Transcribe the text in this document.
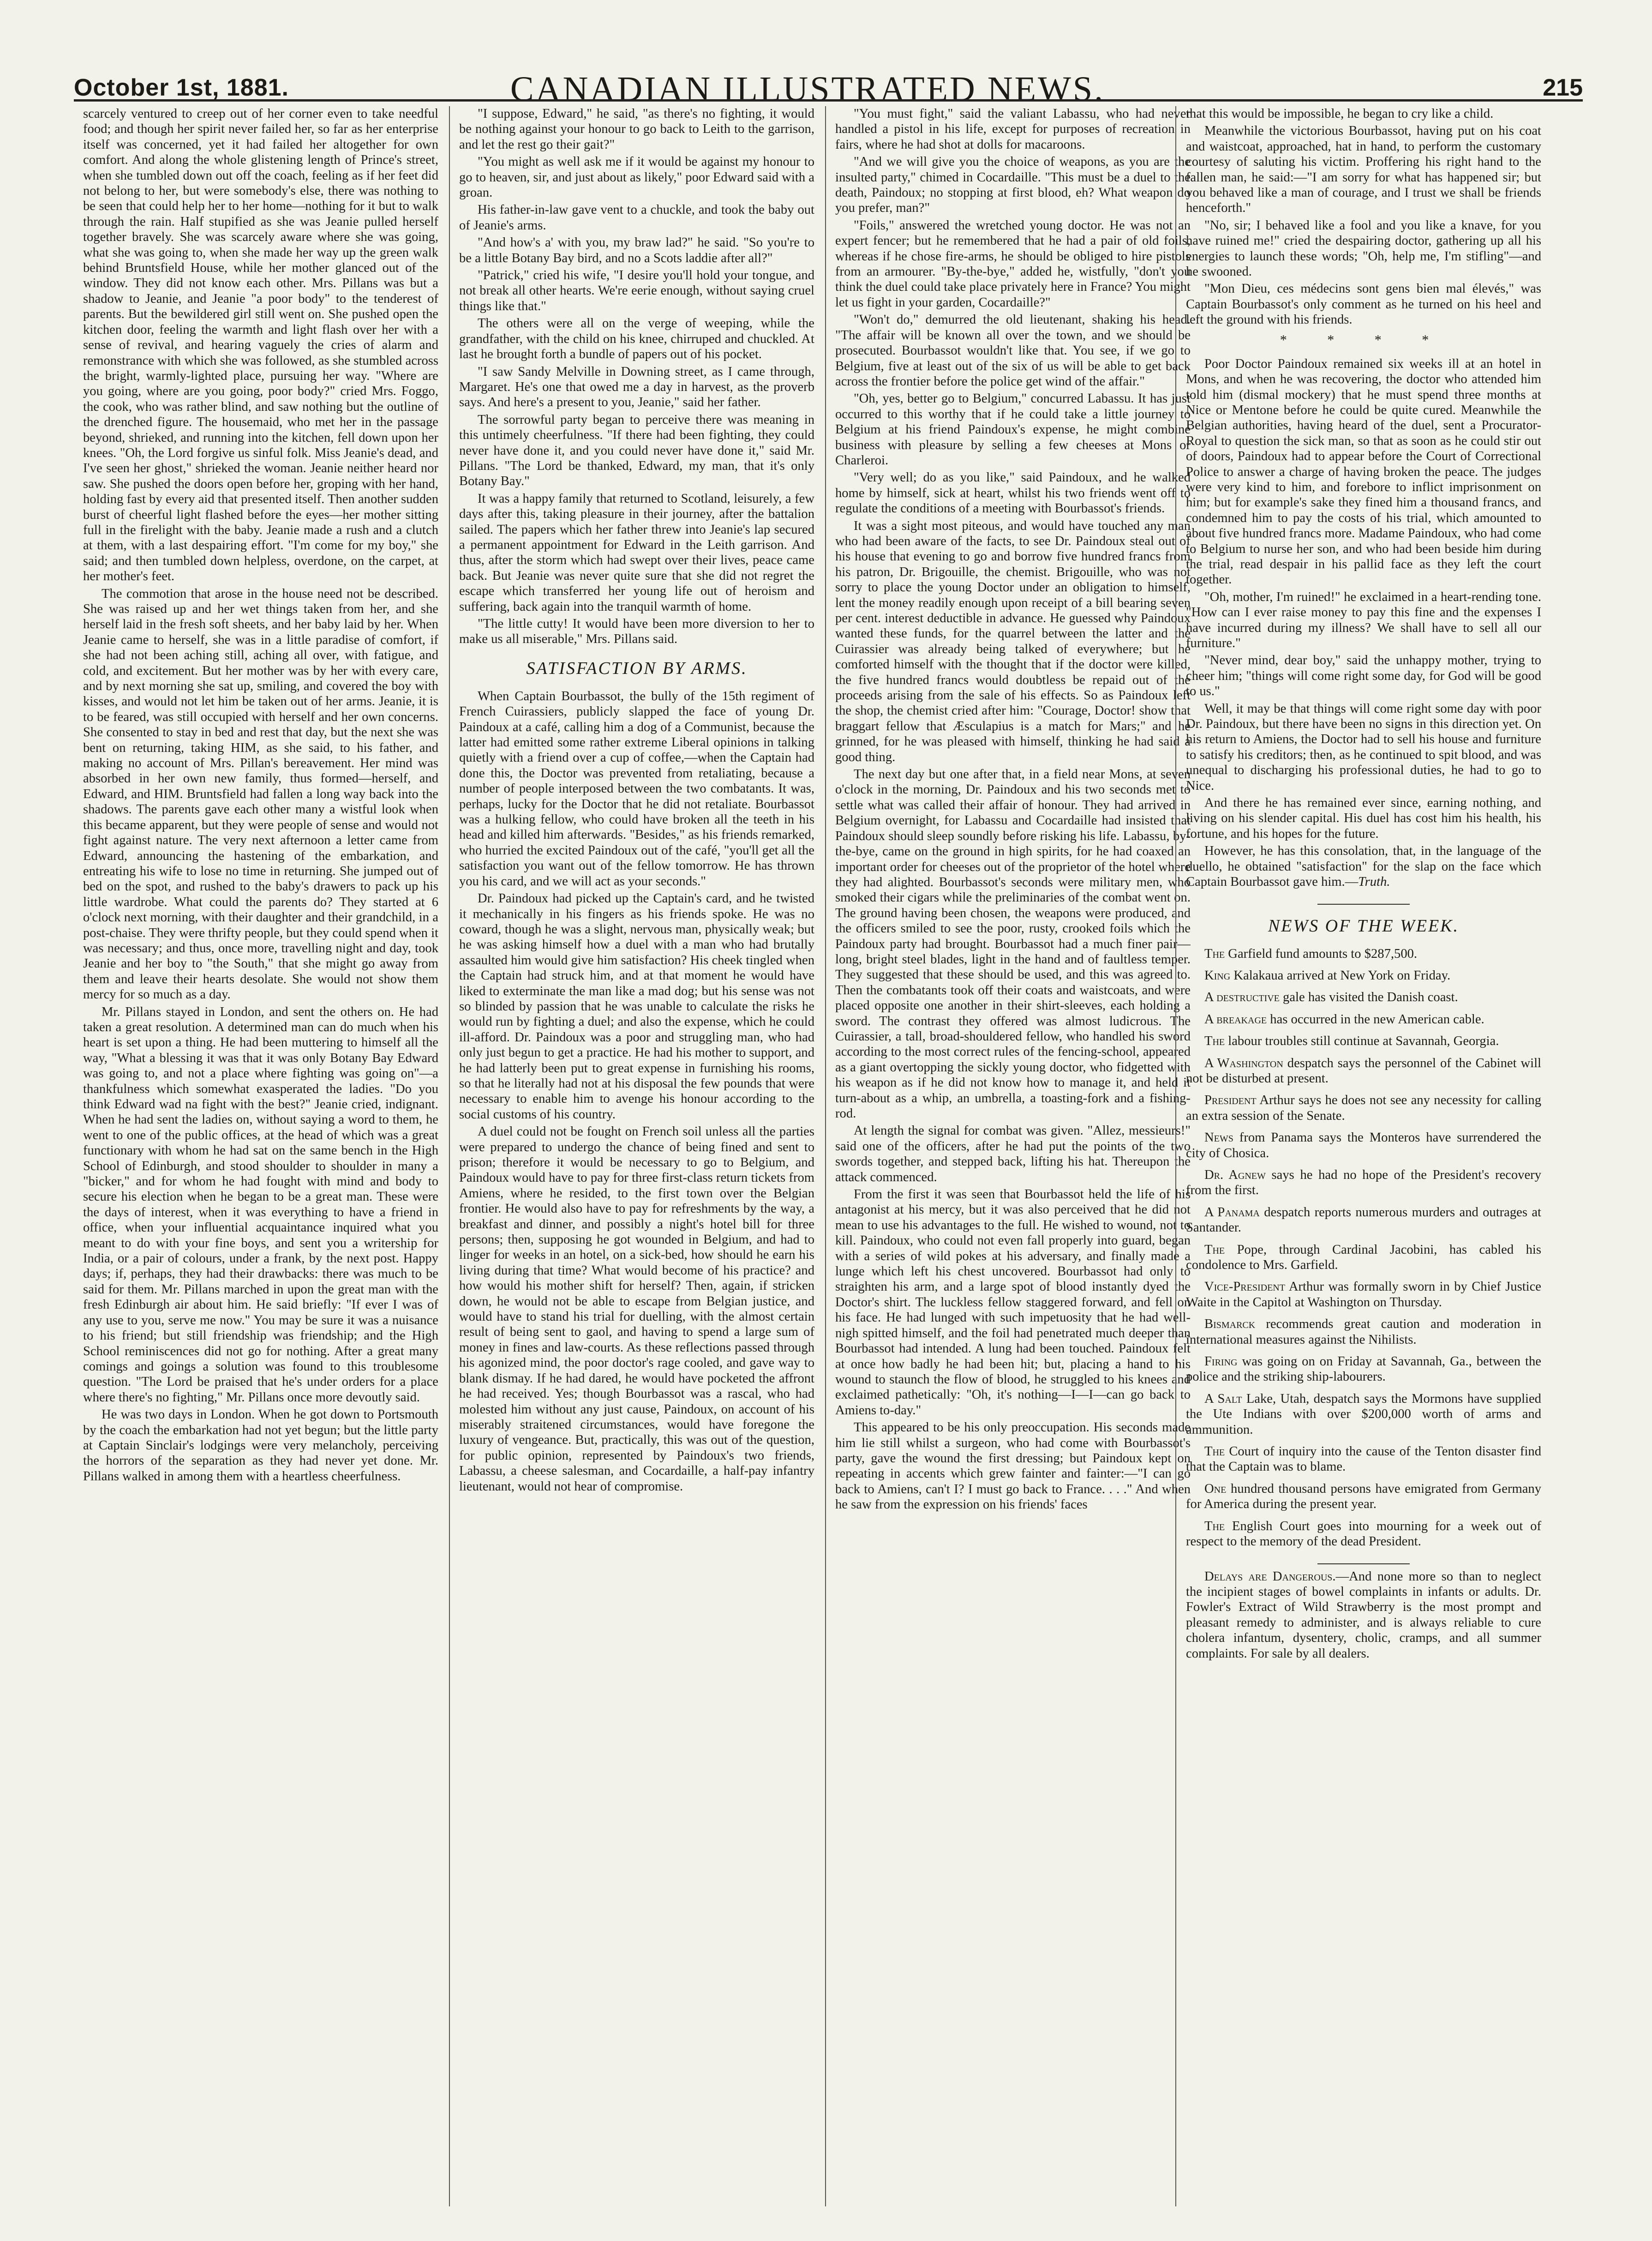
October 1st, 1881.	CANADIAN ILLUSTRATED NEWS.	215

scarcely ventured to creep out of her corner even to take needful food; and though her spirit never failed her, so far as her enterprise itself was concerned, yet it had failed her altogether for own comfort. And along the whole glistening length of Prince's street, when she tumbled down out off the coach, feeling as if her feet did not belong to her, but were somebody's else, there was nothing to be seen that could help her to her home—nothing for it but to walk through the rain. Half stupified as she was Jeanie pulled herself together bravely. She was scarcely aware where she was going, what she was going to, when she made her way up the green walk behind Bruntsfield House, while her mother glanced out of the window. They did not know each other. Mrs. Pillans was but a shadow to Jeanie, and Jeanie "a poor body" to the tenderest of parents. But the bewildered girl still went on. She pushed open the kitchen door, feeling the warmth and light flash over her with a sense of revival, and hearing vaguely the cries of alarm and remonstrance with which she was followed, as she stumbled across the bright, warmly-lighted place, pursuing her way. "Where are you going, where are you going, poor body?" cried Mrs. Foggo, the cook, who was rather blind, and saw nothing but the outline of the drenched figure. The housemaid, who met her in the passage beyond, shrieked, and running into the kitchen, fell down upon her knees. "Oh, the Lord forgive us sinful folk. Miss Jeanie's dead, and I've seen her ghost," shrieked the woman. Jeanie neither heard nor saw. She pushed the doors open before her, groping with her hand, holding fast by every aid that presented itself. Then another sudden burst of cheerful light flashed before the eyes—her mother sitting full in the firelight with the baby. Jeanie made a rush and a clutch at them, with a last despairing effort. "I'm come for my boy," she said; and then tumbled down helpless, overdone, on the carpet, at her mother's feet.

The commotion that arose in the house need not be described. She was raised up and her wet things taken from her, and she herself laid in the fresh soft sheets, and her baby laid by her. When Jeanie came to herself, she was in a little paradise of comfort, if she had not been aching still, aching all over, with fatigue, and cold, and excitement. But her mother was by her with every care, and by next morning she sat up, smiling, and covered the boy with kisses, and would not let him be taken out of her arms. Jeanie, it is to be feared, was still occupied with herself and her own concerns. She consented to stay in bed and rest that day, but the next she was bent on returning, taking HIM, as she said, to his father, and making no account of Mrs. Pillan's bereavement. Her mind was absorbed in her own new family, thus formed—herself, and Edward, and HIM. Bruntsfield had fallen a long way back into the shadows. The parents gave each other many a wistful look when this became apparent, but they were people of sense and would not fight against nature. The very next afternoon a letter came from Edward, announcing the hastening of the embarkation, and entreating his wife to lose no time in returning. She jumped out of bed on the spot, and rushed to the baby's drawers to pack up his little wardrobe. What could the parents do? They started at 6 o'clock next morning, with their daughter and their grandchild, in a post-chaise. They were thrifty people, but they could spend when it was necessary; and thus, once more, travelling night and day, took Jeanie and her boy to "the South," that she might go away from them and leave their hearts desolate. She would not show them mercy for so much as a day.

Mr. Pillans stayed in London, and sent the others on. He had taken a great resolution. A determined man can do much when his heart is set upon a thing. He had been muttering to himself all the way, "What a blessing it was that it was only Botany Bay Edward was going to, and not a place where fighting was going on"—a thankfulness which somewhat exasperated the ladies. "Do you think Edward wad na fight with the best?" Jeanie cried, indignant. When he had sent the ladies on, without saying a word to them, he went to one of the public offices, at the head of which was a great functionary with whom he had sat on the same bench in the High School of Edinburgh, and stood shoulder to shoulder in many a "bicker," and for whom he had fought with mind and body to secure his election when he began to be a great man. These were the days of interest, when it was everything to have a friend in office, when your influential acquaintance inquired what you meant to do with your fine boys, and sent you a writership for India, or a pair of colours, under a frank, by the next post. Happy days; if, perhaps, they had their drawbacks: there was much to be said for them. Mr. Pillans marched in upon the great man with the fresh Edinburgh air about him. He said briefly: "If ever I was of any use to you, serve me now." You may be sure it was a nuisance to his friend; but still friendship was friendship; and the High School reminiscences did not go for nothing. After a great many comings and goings a solution was found to this troublesome question. "The Lord be praised that he's under orders for a place where there's no fighting," Mr. Pillans once more devoutly said.

He was two days in London. When he got down to Portsmouth by the coach the embarkation had not yet begun; but the little party at Captain Sinclair's lodgings were very melancholy, perceiving the horrors of the separation as they had never yet done. Mr. Pillans walked in among them with a heartless cheerfulness.

"I suppose, Edward," he said, "as there's no fighting, it would be nothing against your honour to go back to Leith to the garrison, and let the rest go their gait?"

"You might as well ask me if it would be against my honour to go to heaven, sir, and just about as likely," poor Edward said with a groan.

His father-in-law gave vent to a chuckle, and took the baby out of Jeanie's arms.

"And how's a' with you, my braw lad?" he said. "So you're to be a little Botany Bay bird, and no a Scots laddie after all?"

"Patrick," cried his wife, "I desire you'll hold your tongue, and not break all other hearts. We're eerie enough, without saying cruel things like that."

The others were all on the verge of weeping, while the grandfather, with the child on his knee, chirruped and chuckled. At last he brought forth a bundle of papers out of his pocket.

"I saw Sandy Melville in Downing street, as I came through, Margaret. He's one that owed me a day in harvest, as the proverb says. And here's a present to you, Jeanie," said her father.

The sorrowful party began to perceive there was meaning in this untimely cheerfulness. "If there had been fighting, they could never have done it, and you could never have done it," said Mr. Pillans. "The Lord be thanked, Edward, my man, that it's only Botany Bay."

It was a happy family that returned to Scotland, leisurely, a few days after this, taking pleasure in their journey, after the battalion sailed. The papers which her father threw into Jeanie's lap secured a permanent appointment for Edward in the Leith garrison. And thus, after the storm which had swept over their lives, peace came back. But Jeanie was never quite sure that she did not regret the escape which transferred her young life out of heroism and suffering, back again into the tranquil warmth of home.

"The little cutty! It would have been more diversion to her to make us all miserable," Mrs. Pillans said.

SATISFACTION BY ARMS.

When Captain Bourbassot, the bully of the 15th regiment of French Cuirassiers, publicly slapped the face of young Dr. Paindoux at a café, calling him a dog of a Communist, because the latter had emitted some rather extreme Liberal opinions in talking quietly with a friend over a cup of coffee,—when the Captain had done this, the Doctor was prevented from retaliating, because a number of people interposed between the two combatants. It was, perhaps, lucky for the Doctor that he did not retaliate. Bourbassot was a hulking fellow, who could have broken all the teeth in his head and killed him afterwards. "Besides," as his friends remarked, who hurried the excited Paindoux out of the café, "you'll get all the satisfaction you want out of the fellow tomorrow. He has thrown you his card, and we will act as your seconds."

Dr. Paindoux had picked up the Captain's card, and he twisted it mechanically in his fingers as his friends spoke. He was no coward, though he was a slight, nervous man, physically weak; but he was asking himself how a duel with a man who had brutally assaulted him would give him satisfaction? His cheek tingled when the Captain had struck him, and at that moment he would have liked to exterminate the man like a mad dog; but his sense was not so blinded by passion that he was unable to calculate the risks he would run by fighting a duel; and also the expense, which he could ill-afford. Dr. Paindoux was a poor and struggling man, who had only just begun to get a practice. He had his mother to support, and he had latterly been put to great expense in furnishing his rooms, so that he literally had not at his disposal the few pounds that were necessary to enable him to avenge his honour according to the social customs of his country.

A duel could not be fought on French soil unless all the parties were prepared to undergo the chance of being fined and sent to prison; therefore it would be necessary to go to Belgium, and Paindoux would have to pay for three first-class return tickets from Amiens, where he resided, to the first town over the Belgian frontier. He would also have to pay for refreshments by the way, a breakfast and dinner, and possibly a night's hotel bill for three persons; then, supposing he got wounded in Belgium, and had to linger for weeks in an hotel, on a sick-bed, how should he earn his living during that time? What would become of his practice? and how would his mother shift for herself? Then, again, if stricken down, he would not be able to escape from Belgian justice, and would have to stand his trial for duelling, with the almost certain result of being sent to gaol, and having to spend a large sum of money in fines and law-courts. As these reflections passed through his agonized mind, the poor doctor's rage cooled, and gave way to blank dismay. If he had dared, he would have pocketed the affront he had received. Yes; though Bourbassot was a rascal, who had molested him without any just cause, Paindoux, on account of his miserably straitened circumstances, would have foregone the luxury of vengeance. But, practically, this was out of the question, for public opinion, represented by Paindoux's two friends, Labassu, a cheese salesman, and Cocardaille, a half-pay infantry lieutenant, would not hear of compromise.

"You must fight," said the valiant Labassu, who had never handled a pistol in his life, except for purposes of recreation in fairs, where he had shot at dolls for macaroons.

"And we will give you the choice of weapons, as you are the insulted party," chimed in Cocardaille. "This must be a duel to the death, Paindoux; no stopping at first blood, eh? What weapon do you prefer, man?"

"Foils," answered the wretched young doctor. He was not an expert fencer; but he remembered that he had a pair of old foils, whereas if he chose fire-arms, he should be obliged to hire pistols from an armourer. "By-the-bye," added he, wistfully, "don't you think the duel could take place privately here in France? You might let us fight in your garden, Cocardaille?"

"Won't do," demurred the old lieutenant, shaking his head. "The affair will be known all over the town, and we should be prosecuted. Bourbassot wouldn't like that. You see, if we go to Belgium, five at least out of the six of us will be able to get back across the frontier before the police get wind of the affair."

"Oh, yes, better go to Belgium," concurred Labassu. It has just occurred to this worthy that if he could take a little journey to Belgium at his friend Paindoux's expense, he might combine business with pleasure by selling a few cheeses at Mons or Charleroi.

"Very well; do as you like," said Paindoux, and he walked home by himself, sick at heart, whilst his two friends went off to regulate the conditions of a meeting with Bourbassot's friends.

It was a sight most piteous, and would have touched any man who had been aware of the facts, to see Dr. Paindoux steal out of his house that evening to go and borrow five hundred francs from his patron, Dr. Brigouille, the chemist. Brigouille, who was not sorry to place the young Doctor under an obligation to himself, lent the money readily enough upon receipt of a bill bearing seven per cent. interest deductible in advance. He guessed why Paindoux wanted these funds, for the quarrel between the latter and the Cuirassier was already being talked of everywhere; but he comforted himself with the thought that if the doctor were killed, the five hundred francs would doubtless be repaid out of the proceeds arising from the sale of his effects. So as Paindoux left the shop, the chemist cried after him: "Courage, Doctor! show that braggart fellow that Æsculapius is a match for Mars;" and he grinned, for he was pleased with himself, thinking he had said a good thing.

The next day but one after that, in a field near Mons, at seven o'clock in the morning, Dr. Paindoux and his two seconds met to settle what was called their affair of honour. They had arrived in Belgium overnight, for Labassu and Cocardaille had insisted that Paindoux should sleep soundly before risking his life. Labassu, by-the-bye, came on the ground in high spirits, for he had coaxed an important order for cheeses out of the proprietor of the hotel where they had alighted. Bourbassot's seconds were military men, who smoked their cigars while the preliminaries of the combat went on. The ground having been chosen, the weapons were produced, and the officers smiled to see the poor, rusty, crooked foils which the Paindoux party had brought. Bourbassot had a much finer pair—long, bright steel blades, light in the hand and of faultless temper. They suggested that these should be used, and this was agreed to. Then the combatants took off their coats and waistcoats, and were placed opposite one another in their shirt-sleeves, each holding a sword. The contrast they offered was almost ludicrous. The Cuirassier, a tall, broad-shouldered fellow, who handled his sword according to the most correct rules of the fencing-school, appeared as a giant overtopping the sickly young doctor, who fidgetted with his weapon as if he did not know how to manage it, and held it turn-about as a whip, an umbrella, a toasting-fork and a fishing-rod.

At length the signal for combat was given. "Allez, messieurs!" said one of the officers, after he had put the points of the two swords together, and stepped back, lifting his hat. Thereupon the attack commenced.

From the first it was seen that Bourbassot held the life of his antagonist at his mercy, but it was also perceived that he did not mean to use his advantages to the full. He wished to wound, not to kill. Paindoux, who could not even fall properly into guard, began with a series of wild pokes at his adversary, and finally made a lunge which left his chest uncovered. Bourbassot had only to straighten his arm, and a large spot of blood instantly dyed the Doctor's shirt. The luckless fellow staggered forward, and fell on his face. He had lunged with such impetuosity that he had well-nigh spitted himself, and the foil had penetrated much deeper than Bourbassot had intended. A lung had been touched. Paindoux felt at once how badly he had been hit; but, placing a hand to his wound to staunch the flow of blood, he struggled to his knees and exclaimed pathetically: "Oh, it's nothing—I—I—can go back to Amiens to-day."

This appeared to be his only preoccupation. His seconds made him lie still whilst a surgeon, who had come with Bourbassot's party, gave the wound the first dressing; but Paindoux kept on repeating in accents which grew fainter and fainter:—"I can go back to Amiens, can't I? I must go back to France. . . ." And when he saw from the expression on his friends' faces

that this would be impossible, he began to cry like a child.

Meanwhile the victorious Bourbassot, having put on his coat and waistcoat, approached, hat in hand, to perform the customary courtesy of saluting his victim. Proffering his right hand to the fallen man, he said:—"I am sorry for what has happened sir; but you behaved like a man of courage, and I trust we shall be friends henceforth."

"No, sir; I behaved like a fool and you like a knave, for you have ruined me!" cried the despairing doctor, gathering up all his energies to launch these words; "Oh, help me, I'm stifling"—and he swooned.

"Mon Dieu, ces médecins sont gens bien mal élevés," was Captain Bourbassot's only comment as he turned on his heel and left the ground with his friends.

* * * *

Poor Doctor Paindoux remained six weeks ill at an hotel in Mons, and when he was recovering, the doctor who attended him told him (dismal mockery) that he must spend three months at Nice or Mentone before he could be quite cured. Meanwhile the Belgian authorities, having heard of the duel, sent a Procurator-Royal to question the sick man, so that as soon as he could stir out of doors, Paindoux had to appear before the Court of Correctional Police to answer a charge of having broken the peace. The judges were very kind to him, and forebore to inflict imprisonment on him; but for example's sake they fined him a thousand francs, and condemned him to pay the costs of his trial, which amounted to about five hundred francs more. Madame Paindoux, who had come to Belgium to nurse her son, and who had been beside him during the trial, read despair in his pallid face as they left the court together.

"Oh, mother, I'm ruined!" he exclaimed in a heart-rending tone. "How can I ever raise money to pay this fine and the expenses I have incurred during my illness? We shall have to sell all our furniture."

"Never mind, dear boy," said the unhappy mother, trying to cheer him; "things will come right some day, for God will be good to us."

Well, it may be that things will come right some day with poor Dr. Paindoux, but there have been no signs in this direction yet. On his return to Amiens, the Doctor had to sell his house and furniture to satisfy his creditors; then, as he continued to spit blood, and was unequal to discharging his professional duties, he had to go to Nice.

And there he has remained ever since, earning nothing, and living on his slender capital. His duel has cost him his health, his fortune, and his hopes for the future.

However, he has this consolation, that, in the language of the duello, he obtained "satisfaction" for the slap on the face which Captain Bourbassot gave him.—Truth.

NEWS OF THE WEEK.

The Garfield fund amounts to $287,500.

King Kalakaua arrived at New York on Friday.

A destructive gale has visited the Danish coast.

A breakage has occurred in the new American cable.

The labour troubles still continue at Savannah, Georgia.

A Washington despatch says the personnel of the Cabinet will not be disturbed at present.

President Arthur says he does not see any necessity for calling an extra session of the Senate.

News from Panama says the Monteros have surrendered the city of Chosica.

Dr. Agnew says he had no hope of the President's recovery from the first.

A Panama despatch reports numerous murders and outrages at Santander.

The Pope, through Cardinal Jacobini, has cabled his condolence to Mrs. Garfield.

Vice-President Arthur was formally sworn in by Chief Justice Waite in the Capitol at Washington on Thursday.

Bismarck recommends great caution and moderation in international measures against the Nihilists.

Firing was going on on Friday at Savannah, Ga., between the police and the striking ship-labourers.

A Salt Lake, Utah, despatch says the Mormons have supplied the Ute Indians with over $200,000 worth of arms and ammunition.

The Court of inquiry into the cause of the Tenton disaster find that the Captain was to blame.

One hundred thousand persons have emigrated from Germany for America during the present year.

The English Court goes into mourning for a week out of respect to the memory of the dead President.

Delays are Dangerous.—And none more so than to neglect the incipient stages of bowel complaints in infants or adults. Dr. Fowler's Extract of Wild Strawberry is the most prompt and pleasant remedy to administer, and is always reliable to cure cholera infantum, dysentery, cholic, cramps, and all summer complaints. For sale by all dealers.
